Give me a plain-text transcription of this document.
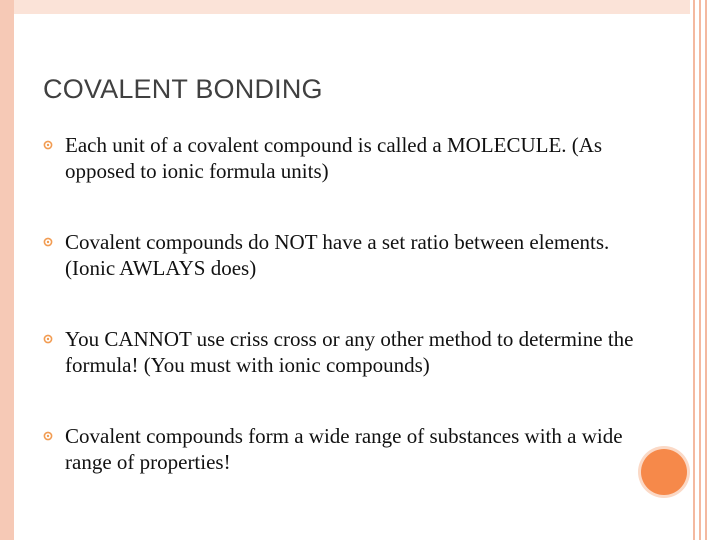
COVALENT BONDING
Each unit of a covalent compound is called a MOLECULE. (As opposed to ionic formula units)
Covalent compounds do NOT have a set ratio between elements. (Ionic AWLAYS does)
You CANNOT use criss cross or any other method to determine the formula! (You must with ionic compounds)
Covalent compounds form a wide range of substances with a wide range of properties!
